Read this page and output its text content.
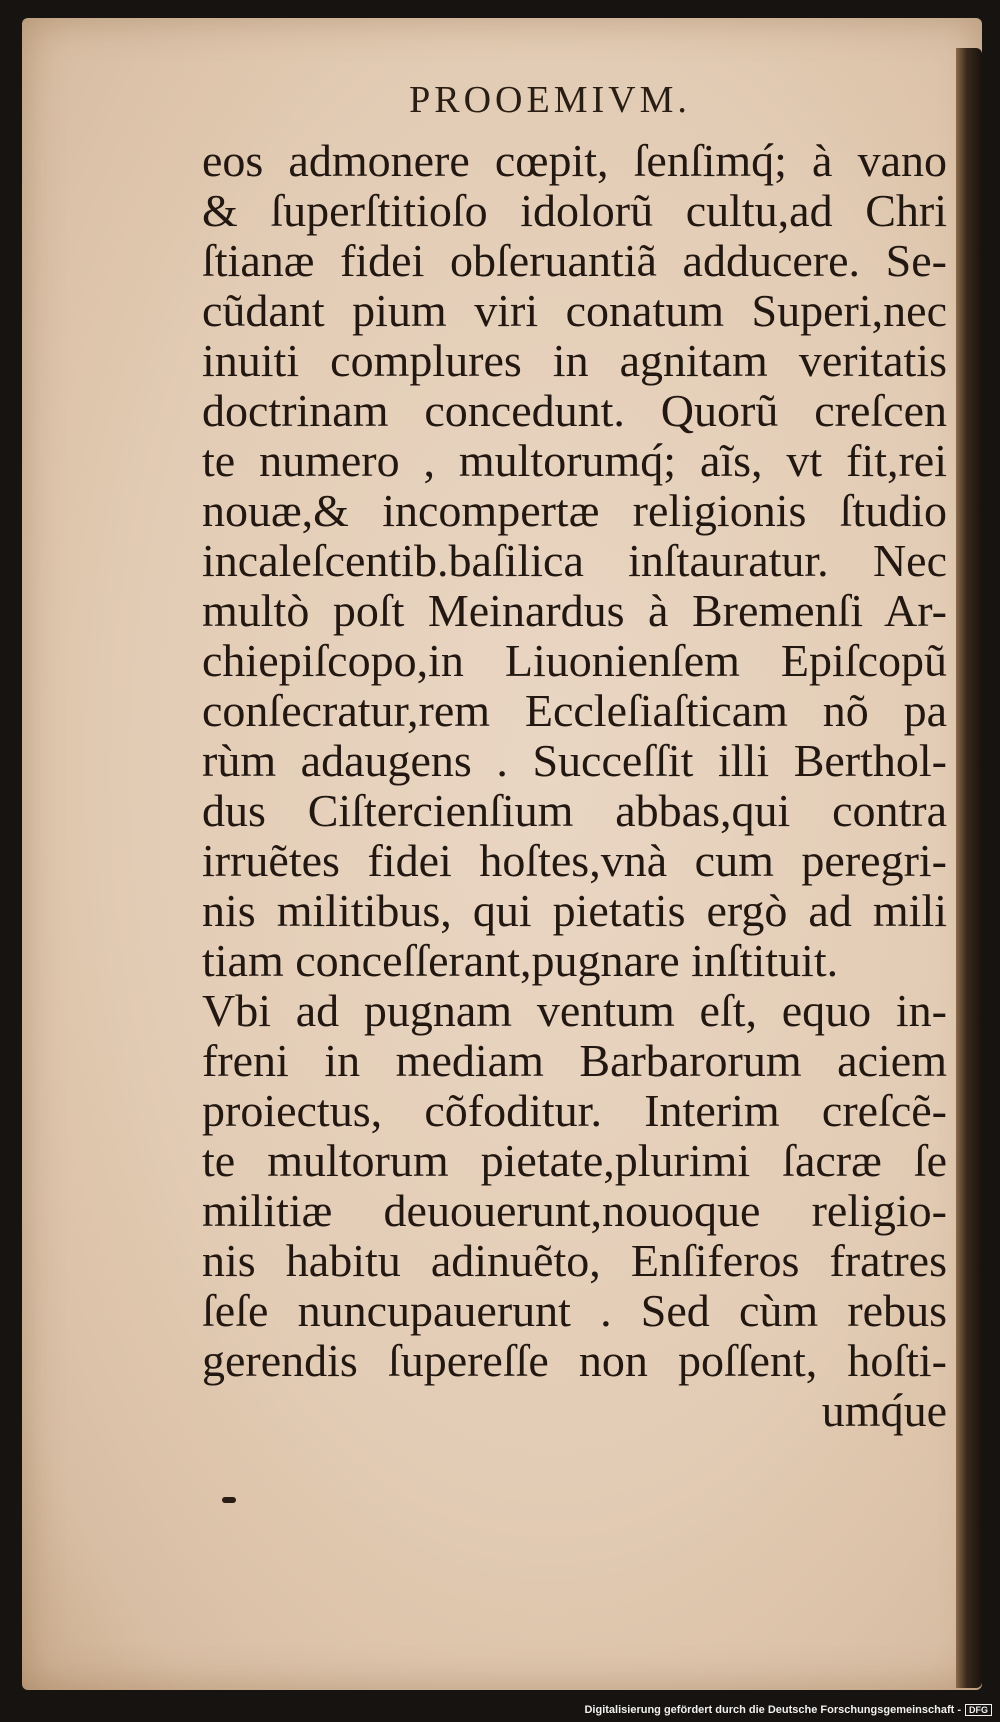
PROOEMIVM.
eos admonere cœpit, ſenſimq́; à vano
& ſuperſtitioſo idolorũ cultu,ad Chri
ſtianæ fidei obſeruantiã adducere. Se-
cũdant pium viri conatum Superi,nec
inuiti complures in agnitam veritatis
doctrinam concedunt. Quorũ creſcen
te numero , multorumq́; aĩs, vt fit,rei
nouæ,& incompertæ religionis ſtudio
incaleſcentib.baſilica inſtauratur. Nec
multò poſt Meinardus à Bremenſi Ar-
chiepiſcopo,in Liuonienſem Epiſcopũ
conſecratur,rem Eccleſiaſticam nõ pa
rùm adaugens . Succeſſit illi Berthol-
dus Ciſtercienſium abbas,qui contra
irruẽtes fidei hoſtes,vnà cum peregri-
nis militibus, qui pietatis ergò ad mili
tiam conceſſerant,pugnare inſtituit.
Vbi ad pugnam ventum eſt, equo in-
freni in mediam Barbarorum aciem
proiectus, cõfoditur. Interim creſcẽ-
te multorum pietate,plurimi ſacræ ſe
militiæ deuouerunt,nouoque religio-
nis habitu adinuẽto, Enſiferos fratres
ſeſe nuncupauerunt . Sed cùm rebus
gerendis ſupereſſe non poſſent, hoſti-
umq́ue
Digitalisierung gefördert durch die Deutsche Forschungsgemeinschaft - DFG
